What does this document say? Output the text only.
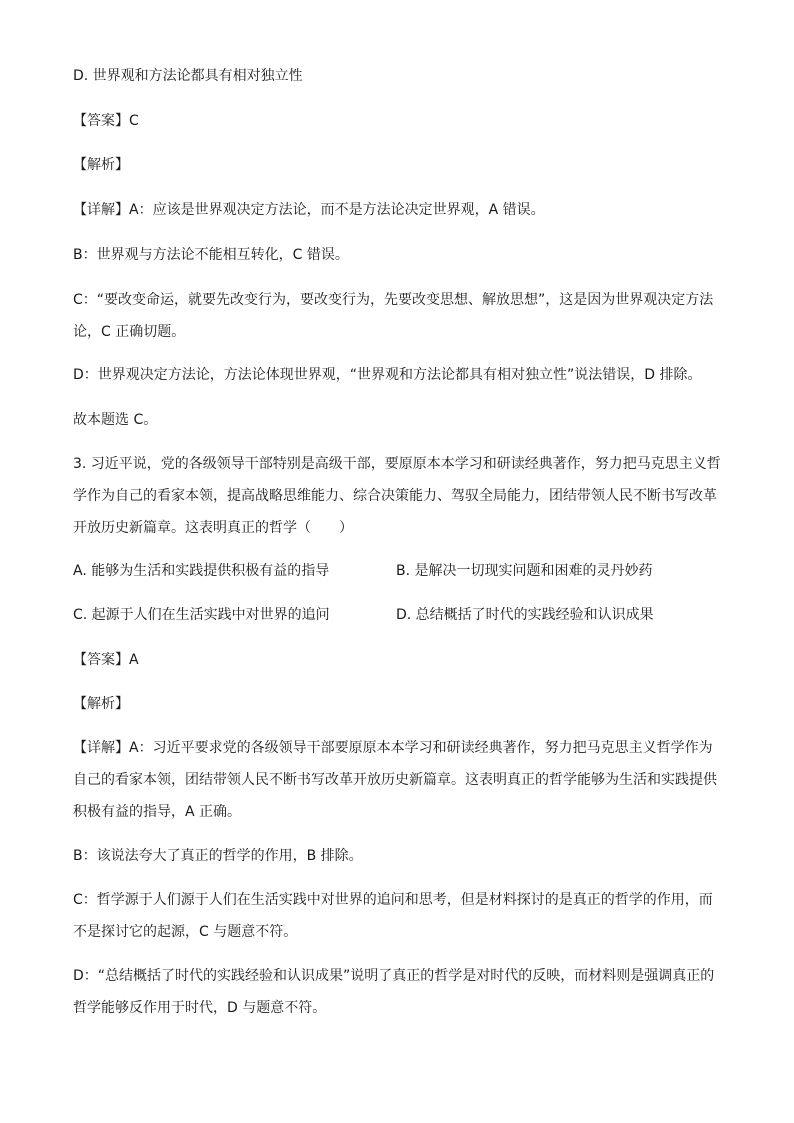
D. 世界观和方法论都具有相对独立性
【答案】C
【解析】
【详解】A：应该是世界观决定方法论，而不是方法论决定世界观，A 错误。
B：世界观与方法论不能相互转化，C 错误。
C：“要改变命运，就要先改变行为，要改变行为，先要改变思想、解放思想”，这是因为世界观决定方法论，C 正确切题。
D：世界观决定方法论，方法论体现世界观，“世界观和方法论都具有相对独立性”说法错误，D 排除。
故本题选 C。
3. 习近平说，党的各级领导干部特别是高级干部，要原原本本学习和研读经典著作，努力把马克思主义哲学作为自己的看家本领，提高战略思维能力、综合决策能力、驾驭全局能力，团结带领人民不断书写改革开放历史新篇章。这表明真正的哲学（　　）
A. 能够为生活和实践提供积极有益的指导	B. 是解决一切现实问题和困难的灵丹妙药
C. 起源于人们在生活实践中对世界的追问	D. 总结概括了时代的实践经验和认识成果
【答案】A
【解析】
【详解】A：习近平要求党的各级领导干部要原原本本学习和研读经典著作，努力把马克思主义哲学作为自己的看家本领，团结带领人民不断书写改革开放历史新篇章。这表明真正的哲学能够为生活和实践提供积极有益的指导，A 正确。
B：该说法夸大了真正的哲学的作用，B 排除。
C：哲学源于人们源于人们在生活实践中对世界的追问和思考，但是材料探讨的是真正的哲学的作用，而不是探讨它的起源，C 与题意不符。
D：“总结概括了时代的实践经验和认识成果”说明了真正的哲学是对时代的反映，而材料则是强调真正的哲学能够反作用于时代，D 与题意不符。
